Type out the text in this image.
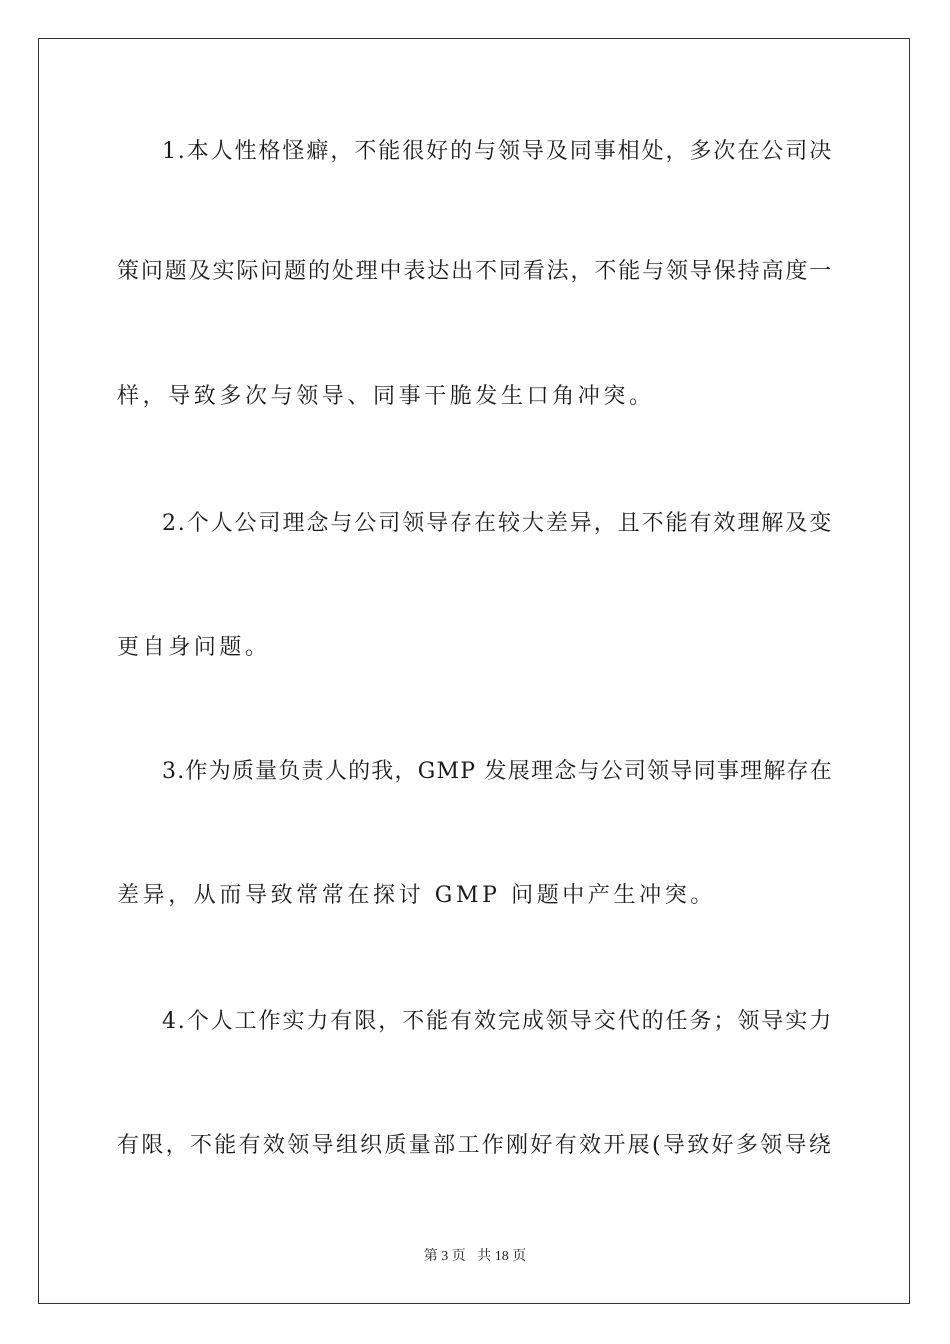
1.本人性格怪癖，不能很好的与领导及同事相处，多次在公司决
策问题及实际问题的处理中表达出不同看法，不能与领导保持高度一
样，导致多次与领导、同事干脆发生口角冲突。
2.个人公司理念与公司领导存在较大差异，且不能有效理解及变
更自身问题。
3.作为质量负责人的我，GMP 发展理念与公司领导同事理解存在
差异，从而导致常常在探讨 GMP 问题中产生冲突。
4.个人工作实力有限，不能有效完成领导交代的任务；领导实力
有限，不能有效领导组织质量部工作刚好有效开展(导致好多领导绕
第 3 页 共 18 页
